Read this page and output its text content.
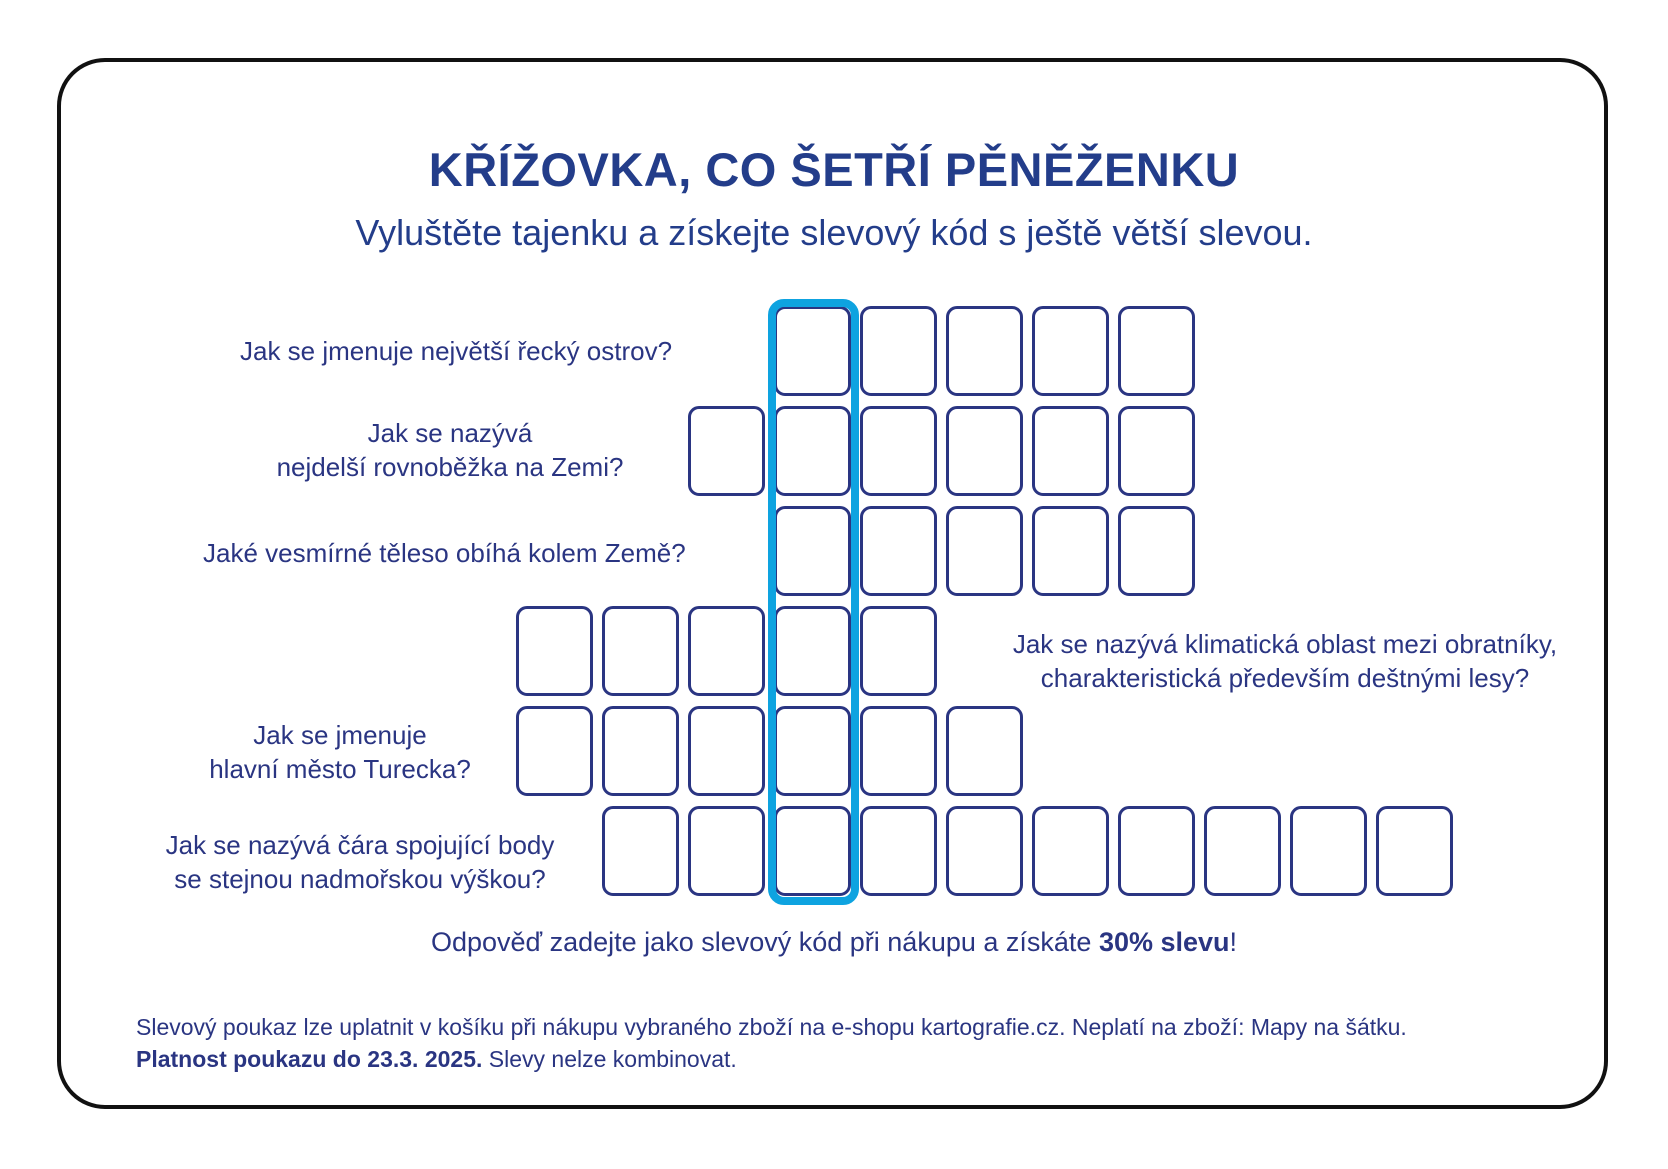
KŘÍŽOVKA, CO ŠETŘÍ PĚNĚŽENKU
Vyluštěte tajenku a získejte slevový kód s ještě větší slevou.
Jak se jmenuje největší řecký ostrov?
Jak se nazývá
nejdelší rovnoběžka na Zemi?
Jaké vesmírné těleso obíhá kolem Země?
Jak se nazývá klimatická oblast mezi obratníky,
charakteristická především deštnými lesy?
Jak se jmenuje
hlavní město Turecka?
Jak se nazývá čára spojující body
se stejnou nadmořskou výškou?
Odpověď zadejte jako slevový kód při nákupu a získáte 30% slevu!
Slevový poukaz lze uplatnit v košíku při nákupu vybraného zboží na e-shopu kartografie.cz. Neplatí na zboží: Mapy na šátku.
Platnost poukazu do 23.3. 2025. Slevy nelze kombinovat.
